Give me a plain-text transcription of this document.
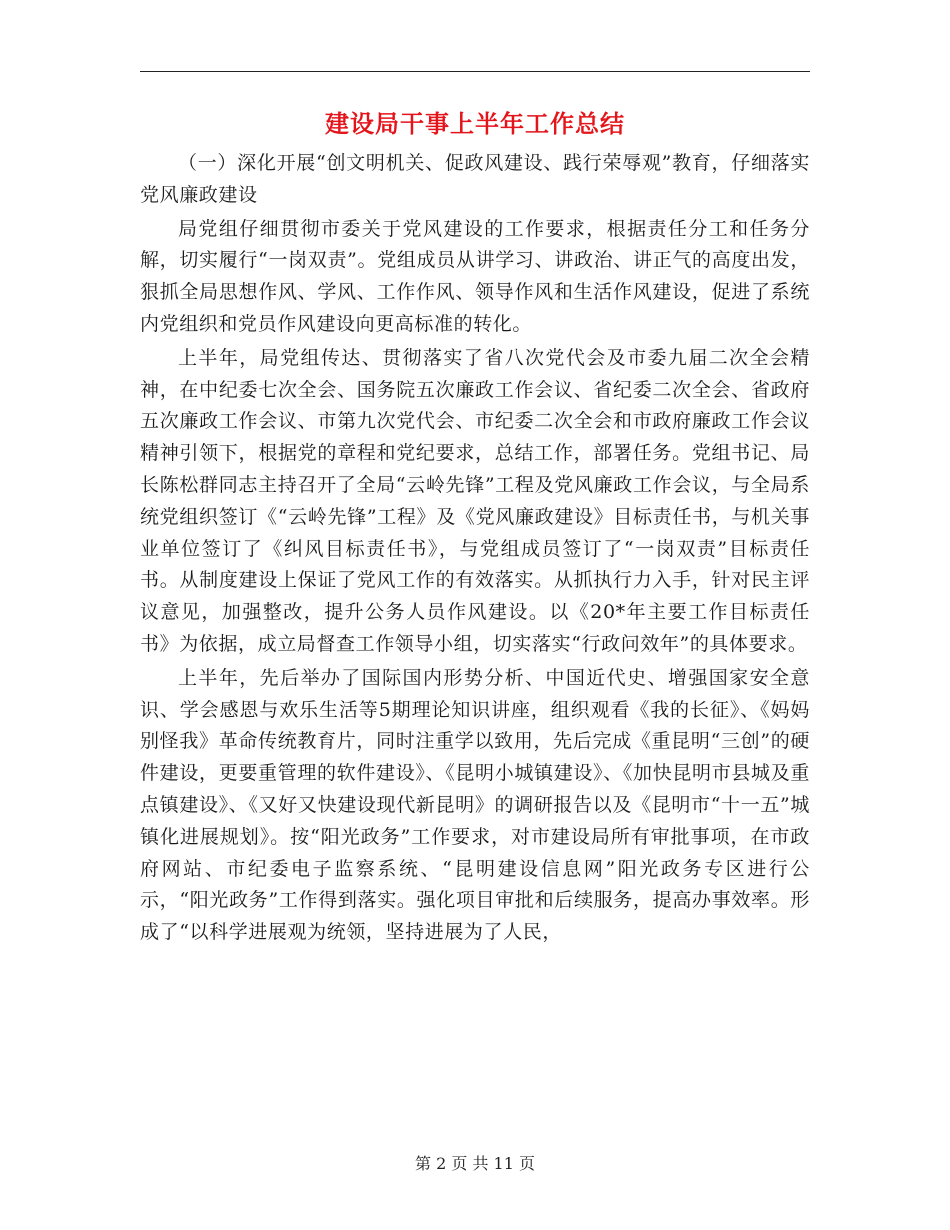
建设局干事上半年工作总结

（一）深化开展“创文明机关、促政风建设、践行荣辱观”教育，仔细落实党风廉政建设

局党组仔细贯彻市委关于党风建设的工作要求，根据责任分工和任务分解，切实履行“一岗双责”。党组成员从讲学习、讲政治、讲正气的高度出发，狠抓全局思想作风、学风、工作作风、领导作风和生活作风建设，促进了系统内党组织和党员作风建设向更高标准的转化。

上半年，局党组传达、贯彻落实了省八次党代会及市委九届二次全会精神，在中纪委七次全会、国务院五次廉政工作会议、省纪委二次全会、省政府五次廉政工作会议、市第九次党代会、市纪委二次全会和市政府廉政工作会议精神引领下，根据党的章程和党纪要求，总结工作，部署任务。党组书记、局长陈松群同志主持召开了全局“云岭先锋”工程及党风廉政工作会议，与全局系统党组织签订《“云岭先锋”工程》及《党风廉政建设》目标责任书，与机关事业单位签订了《纠风目标责任书》，与党组成员签订了“一岗双责”目标责任书。从制度建设上保证了党风工作的有效落实。从抓执行力入手，针对民主评议意见，加强整改，提升公务人员作风建设。以《20*年主要工作目标责任书》为依据，成立局督查工作领导小组，切实落实“行政问效年”的具体要求。

上半年，先后举办了国际国内形势分析、中国近代史、增强国家安全意识、学会感恩与欢乐生活等5期理论知识讲座，组织观看《我的长征》、《妈妈别怪我》革命传统教育片，同时注重学以致用，先后完成《重昆明“三创”的硬件建设，更要重管理的软件建设》、《昆明小城镇建设》、《加快昆明市县城及重点镇建设》、《又好又快建设现代新昆明》的调研报告以及《昆明市“十一五”城镇化进展规划》。按“阳光政务”工作要求，对市建设局所有审批事项，在市政府网站、市纪委电子监察系统、“昆明建设信息网”阳光政务专区进行公示，“阳光政务”工作得到落实。强化项目审批和后续服务，提高办事效率。形成了“以科学进展观为统领，坚持进展为了人民，

第 2 页 共 11 页
